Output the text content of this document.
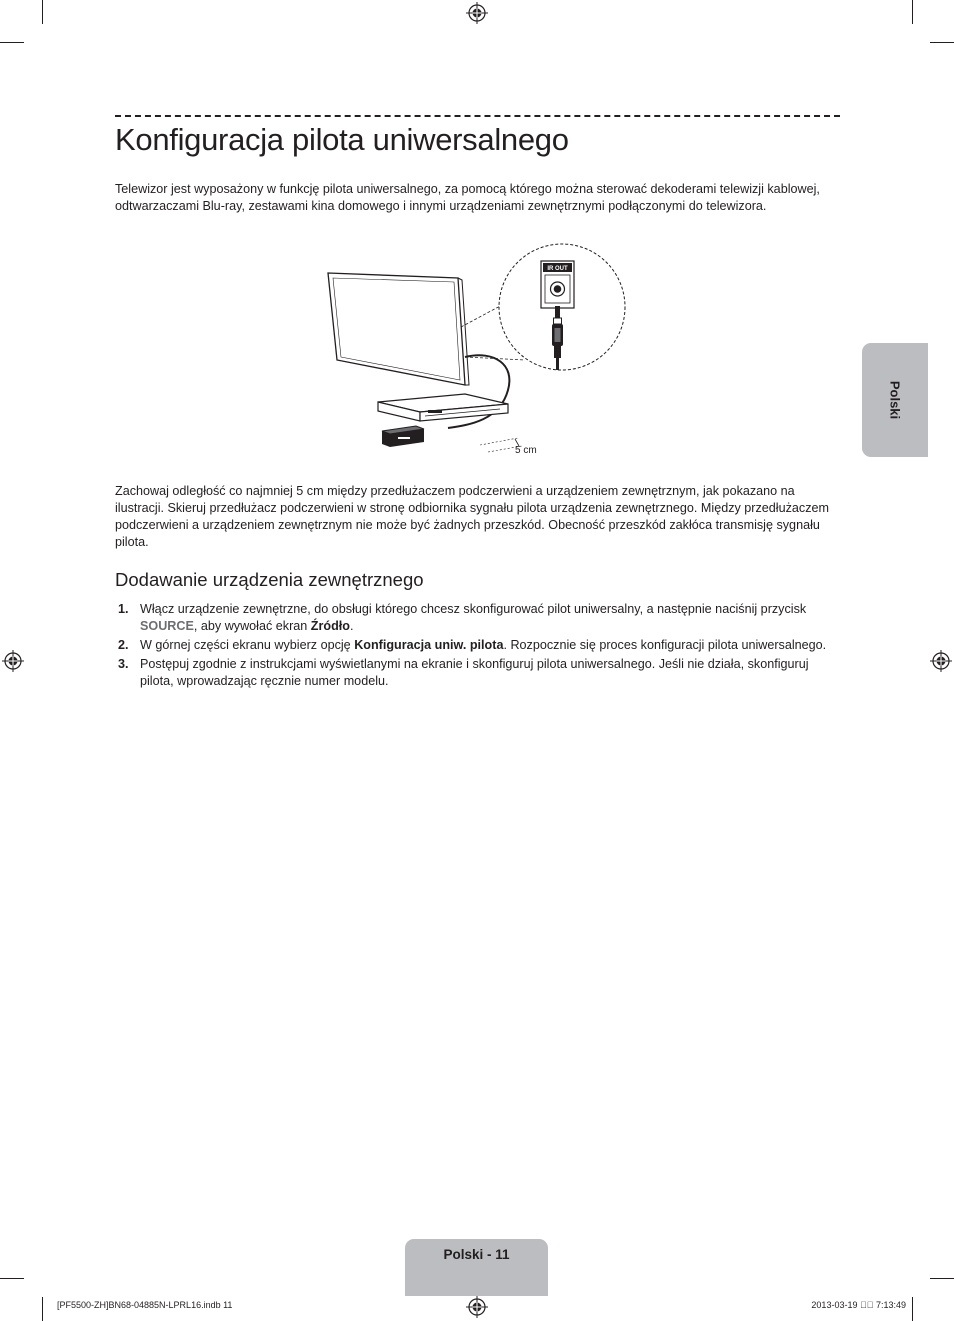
Konfiguracja pilota uniwersalnego

Telewizor jest wyposażony w funkcję pilota uniwersalnego, za pomocą którego można sterować dekoderami telewizji kablowej, odtwarzaczami Blu-ray, zestawami kina domowego i innymi urządzeniami zewnętrznymi podłączonymi do telewizora.

5 cm
IR OUT

Zachowaj odległość co najmniej 5 cm między przedłużaczem podczerwieni a urządzeniem zewnętrznym, jak pokazano na ilustracji. Skieruj przedłużacz podczerwieni w stronę odbiornika sygnału pilota urządzenia zewnętrznego. Między przedłużaczem podczerwieni a urządzeniem zewnętrznym nie może być żadnych przeszkód. Obecność przeszkód zakłóca transmisję sygnału pilota.

Dodawanie urządzenia zewnętrznego
1. Włącz urządzenie zewnętrzne, do obsługi którego chcesz skonfigurować pilot uniwersalny, a następnie naciśnij przycisk SOURCE, aby wywołać ekran Źródło.
2. W górnej części ekranu wybierz opcję Konfiguracja uniw. pilota. Rozpocznie się proces konfiguracji pilota uniwersalnego.
3. Postępuj zgodnie z instrukcjami wyświetlanymi na ekranie i skonfiguruj pilota uniwersalnego. Jeśli nie działa, skonfiguruj pilota, wprowadzając ręcznie numer modelu.
Polski
Polski - 11
[PF5500-ZH]BN68-04885N-LPRL16.indb 11	2013-03-19    7:13:49
